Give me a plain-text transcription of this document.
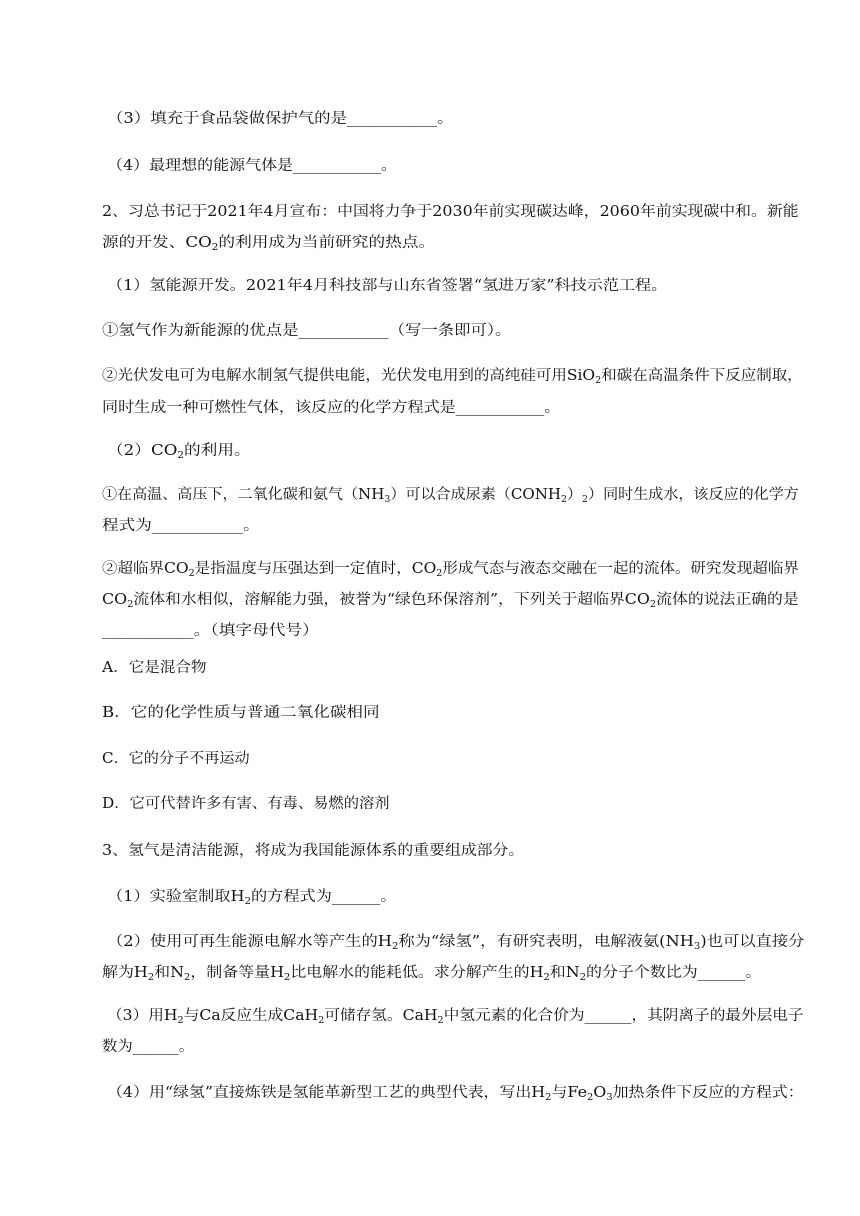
（3）填充于食品袋做保护气的是___________。
（4）最理想的能源气体是___________。
2、习总书记于2021年4月宣布：中国将力争于2030年前实现碳达峰，2060年前实现碳中和。新能
源的开发、$CO_2$的利用成为当前研究的热点。
（1）氢能源开发。2021年4月科技部与山东省签署“氢进万家”科技示范工程。
①氢气作为新能源的优点是___________（写一条即可）。
②光伏发电可为电解水制氢气提供电能，光伏发电用到的高纯硅可用SiO$_2$和碳在高温条件下反应制取，
同时生成一种可燃性气体，该反应的化学方程式是___________。
$(2)CO_2$的利用。
①在高温、高压下，二氧化碳和氨气$(NH_3)$可以合成尿素$(CONH_2)_2$）同时生成水，该反应的化学方
程式为___________。
②超临界$CO_2$是指温度与压强达到一定值时，$CO_2$形成气态与液态交融在一起的流体。研究发现超临界
$CO_2$流体和水相似，溶解能力强，被誉为“绿色环保溶剂”，下列关于超临界$CO_2$流体的说法正确的是
___________。（填字母代号）
A．它是混合物
B．它的化学性质与普通二氧化碳相同
C．它的分子不再运动
D．它可代替许多有害、有毒、易燃的溶剂
3、氢气是清洁能源，将成为我国能源体系的重要组成部分。
（1）实验室制取$H_2$的方程式为______。
（2）使用可再生能源电解水等产生的$H_2$称为“绿氢”，有研究表明，电解液氨$(NH_3)$也可以直接分
解为$H_2$和$N_2$，制备等量$H_2$比电解水的能耗低。求分解产生的$H_2$和$N_2$的分子个数比为______。
（3）用$H_2$与Ca反应生成CaH$_2$可储存氢。CaH$_2$中氢元素的化合价为______，其阴离子的最外层电子
数为______。
（4）用“绿氢”直接炼铁是氢能革新型工艺的典型代表，写出$H_2$与$Fe_2O_3$加热条件下反应的方程式：
